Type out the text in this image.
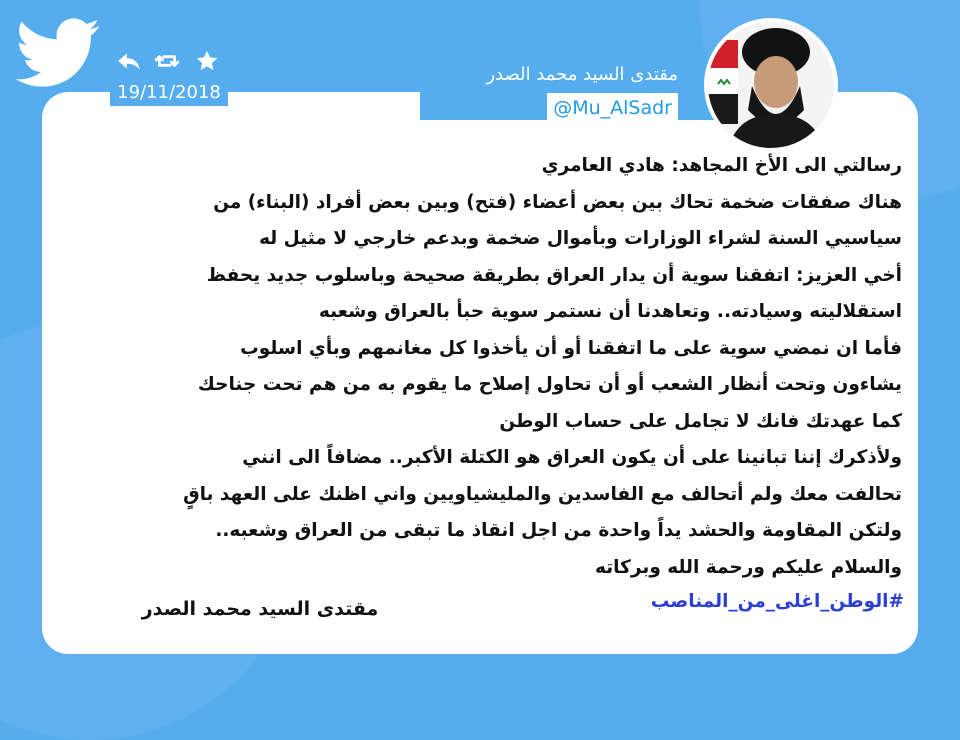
19/11/2018
مقتدى السيد محمد الصدر
@Mu_AlSadr
رسالتي الى الأخ المجاهد: هادي العامري
هناك صفقات ضخمة تحاك بين بعض أعضاء (فتح) وبين بعض أفراد (البناء) من
سياسيي السنة لشراء الوزارات وبأموال ضخمة وبدعم خارجي لا مثيل له
أخي العزيز: اتفقنا سوية أن يدار العراق بطريقة صحيحة وباسلوب جديد يحفظ
استقلاليته وسيادته.. وتعاهدنا أن نستمر سوية حبأ بالعراق وشعبه
فأما ان نمضي سوية على ما اتفقنا أو أن يأخذوا كل مغانمهم وبأي اسلوب
يشاءون وتحت أنظار الشعب أو أن تحاول إصلاح ما يقوم به من هم تحت جناحك
كما عهدتك فانك لا تجامل على حساب الوطن
ولأذكرك إننا تبانينا على أن يكون العراق هو الكتلة الأكبر.. مضافاً الى انني
تحالفت معك ولم أتحالف مع الفاسدين والمليشياويين واني اظنك على العهد باقٍ
ولتكن المقاومة والحشد يداً واحدة من اجل انقاذ ما تبقى من العراق وشعبه..
والسلام عليكم ورحمة الله وبركاته
#الوطن_اغلى_من_المناصب
مقتدى السيد محمد الصدر
